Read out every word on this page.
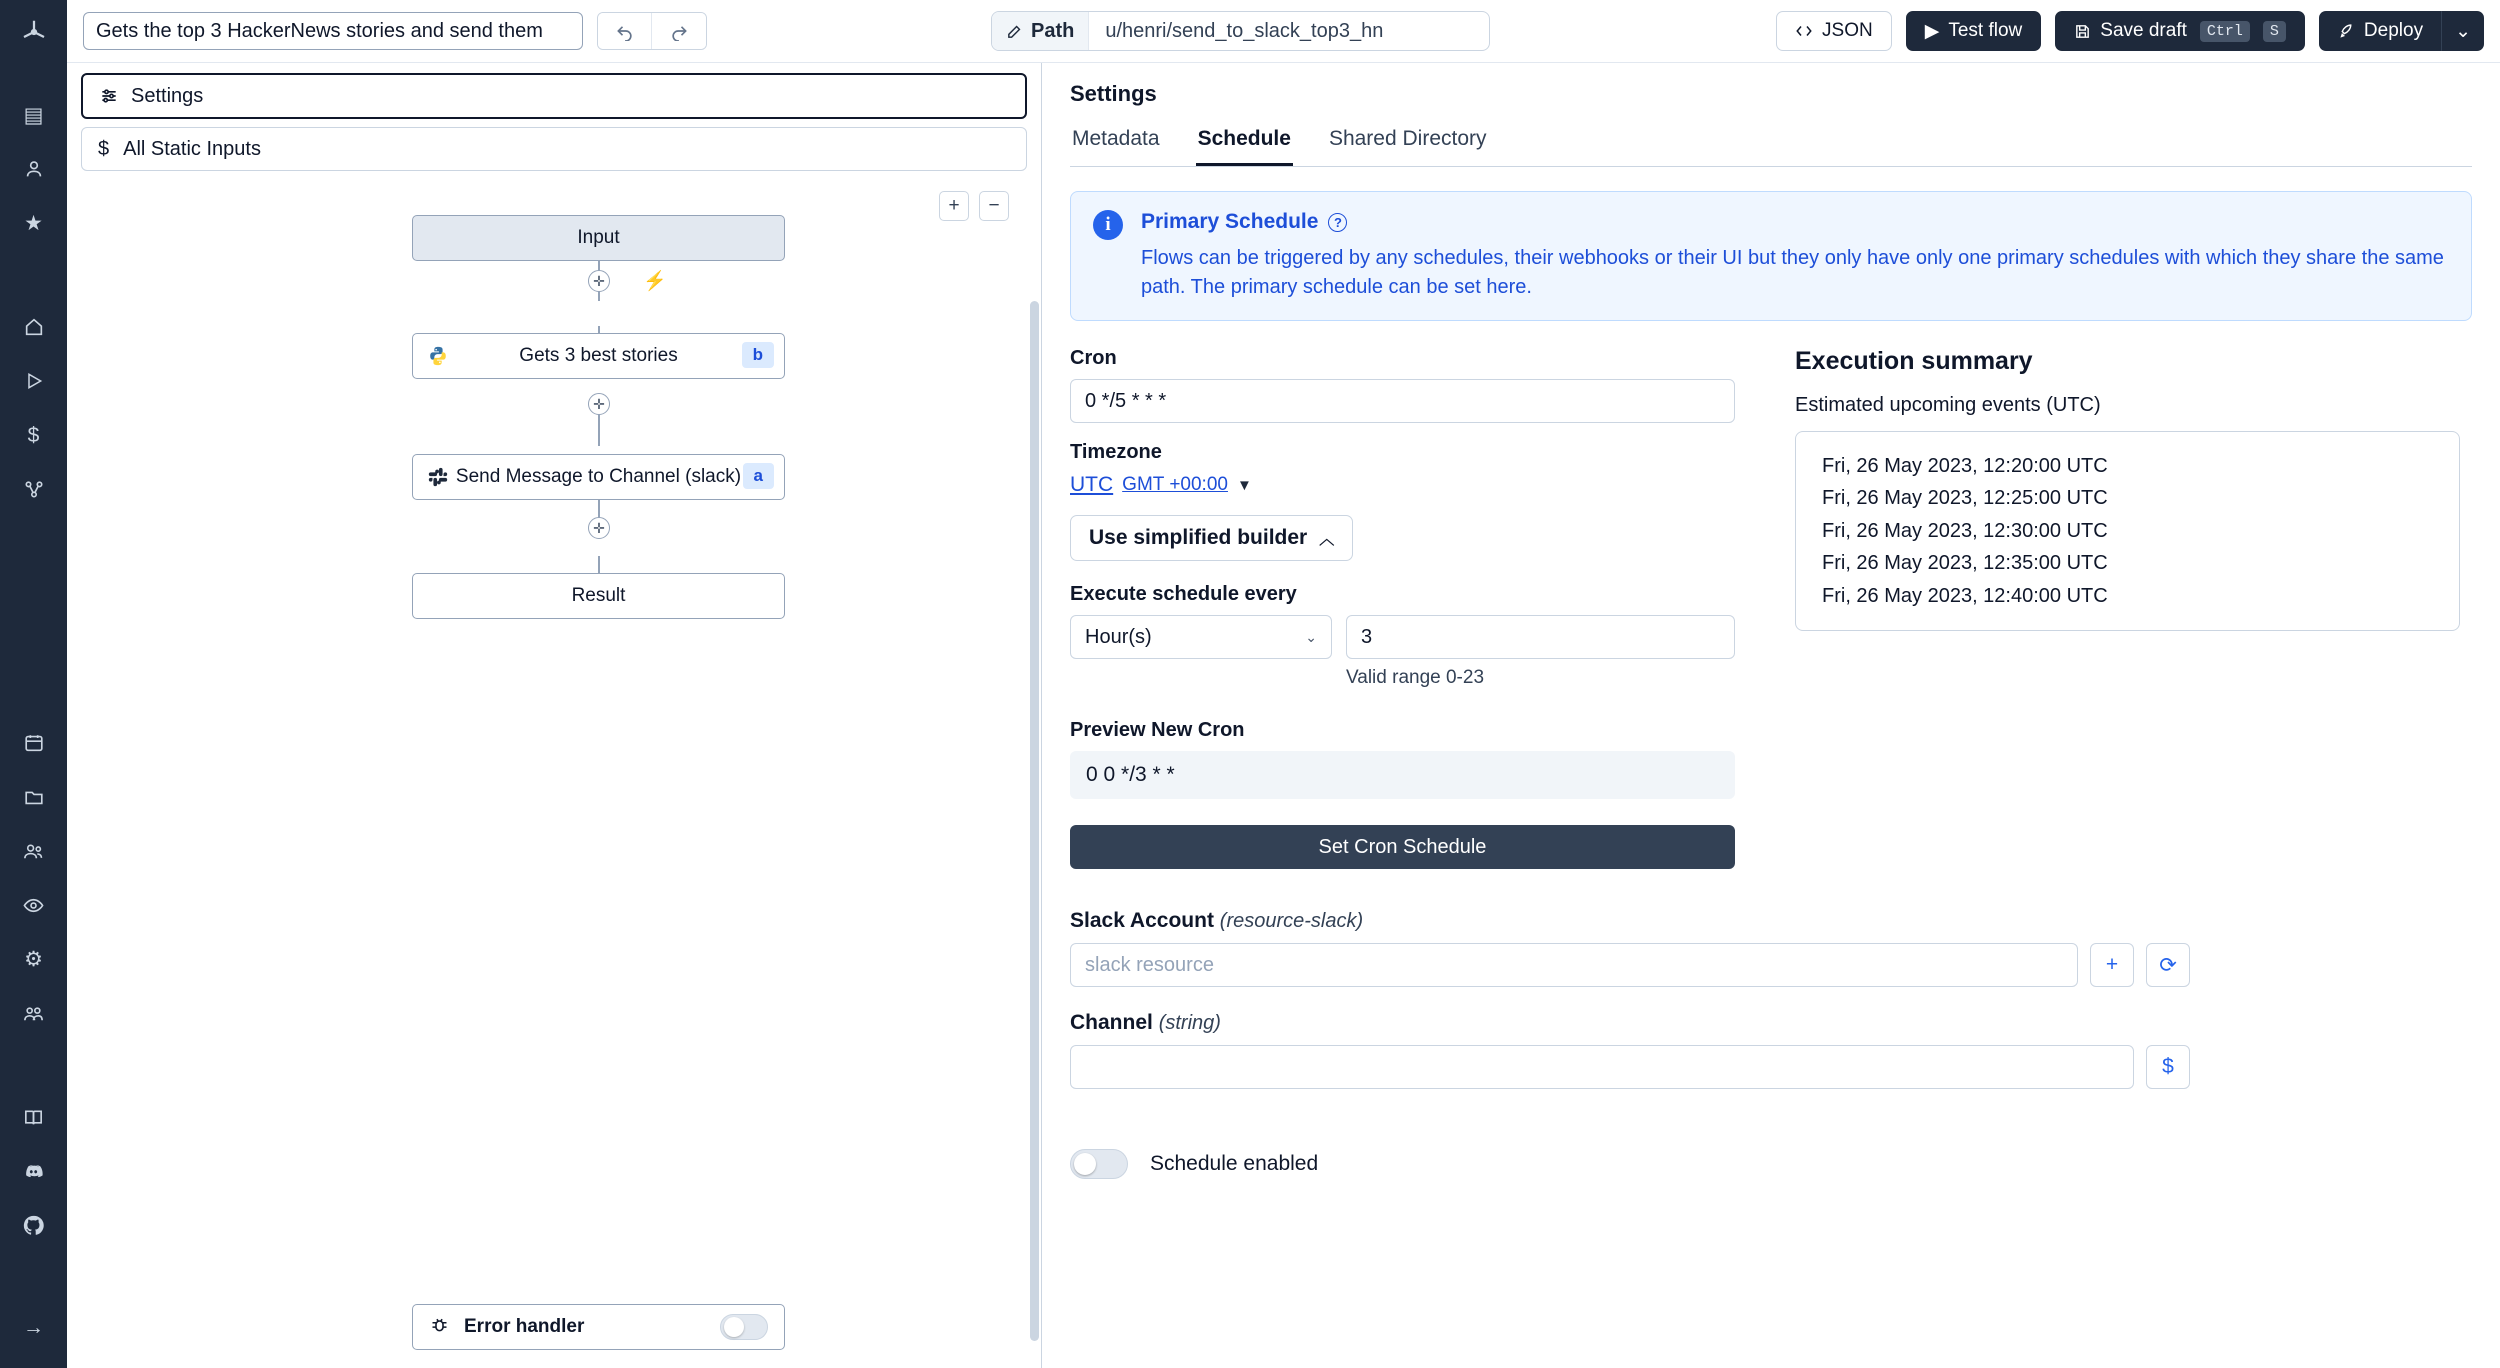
▤
★
$
⚙
→
Gets the top 3 HackerNews stories and send them
Path	u/henri/send_to_slack_top3_hn	JSON	▶ Test flow	Save draft	Ctrl	S	Deploy	⌄
Settings
$ All Static Inputs
+	−
Input
✛ ⚡
Gets 3 best stories	b
✛
Send Message to Channel (slack) a
✛
Result
Error handler
Settings
Metadata Schedule Shared Directory
i	Primary Schedule	?
Flows can be triggered by any schedules, their webhooks or their UI but they only have only one primary schedules with which they share the same path. The primary schedule can be set here.
Cron
0 */5 * * *
Timezone
UTC GMT +00:00 ▼
Use simplified builder ︿
Execute schedule every
Hour(s)	⌄	3
Valid range 0-23
Preview New Cron
0 0 */3 * *
Set Cron Schedule
Execution summary
Estimated upcoming events (UTC)
Fri, 26 May 2023, 12:20:00 UTC
Fri, 26 May 2023, 12:25:00 UTC
Fri, 26 May 2023, 12:30:00 UTC
Fri, 26 May 2023, 12:35:00 UTC
Fri, 26 May 2023, 12:40:00 UTC
Slack Account (resource-slack)
slack resource	+	⟳
Channel (string)
$
Schedule enabled
